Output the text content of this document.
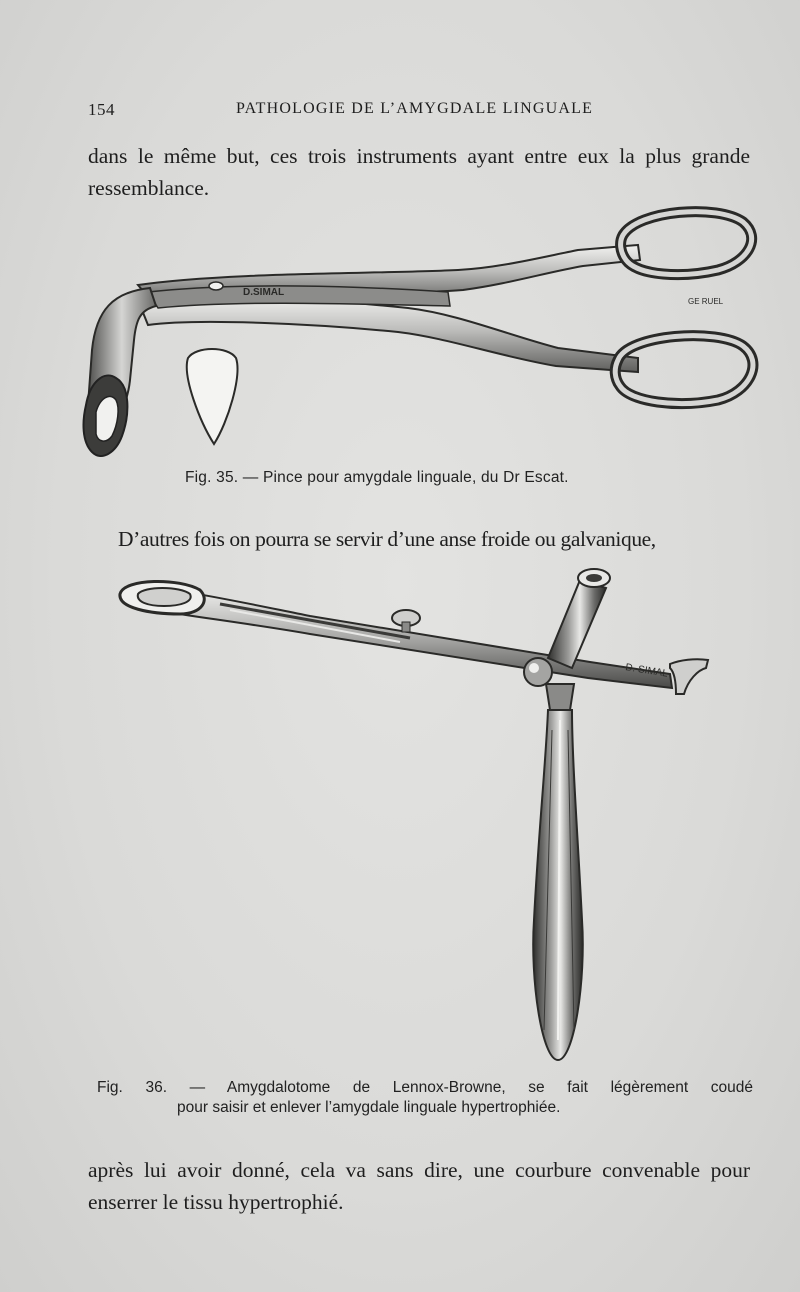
154	PATHOLOGIE DE L’AMYGDALE LINGUALE

dans le même but, ces trois instruments ayant entre eux la plus grande ressemblance.

D.SIMAL
GE RUEL
Fig. 35. — Pince pour amygdale linguale, du Dr Escat.

D’autres fois on pourra se servir d’une anse froide ou galvanique,

D. SIMAL
Fig. 36. — Amygdalotome de Lennox-Browne, se fait légèrement coudé
pour saisir et enlever l’amygdale linguale hypertrophiée.

après lui avoir donné, cela va sans dire, une courbure convenable pour enserrer le tissu hypertrophié.
